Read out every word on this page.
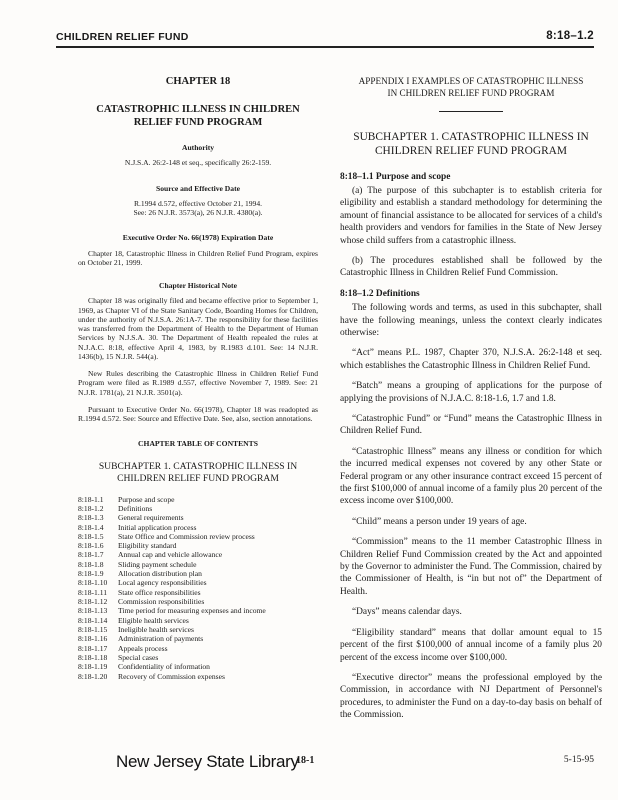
CHILDREN RELIEF FUND	8:18–1.2
CHAPTER 18
CATASTROPHIC ILLNESS IN CHILDREN
RELIEF FUND PROGRAM
Authority

N.J.S.A. 26:2-148 et seq., specifically 26:2-159.

Source and Effective Date

R.1994 d.572, effective October 21, 1994.

See: 26 N.J.R. 3573(a), 26 N.J.R. 4380(a).

Executive Order No. 66(1978) Expiration Date

Chapter 18, Catastrophic Illness in Children Relief Fund Program, expires on October 21, 1999.

Chapter Historical Note

Chapter 18 was originally filed and became effective prior to September 1, 1969, as Chapter VI of the State Sanitary Code, Boarding Homes for Children, under the authority of N.J.S.A. 26:1A-7. The responsibility for these facilities was transferred from the Department of Health to the Department of Human Services by N.J.S.A. 30. The Department of Health repealed the rules at N.J.A.C. 8:18, effective April 4, 1983, by R.1983 d.101. See: 14 N.J.R. 1436(b), 15 N.J.R. 544(a).

New Rules describing the Catastrophic Illness in Children Relief Fund Program were filed as R.1989 d.557, effective November 7, 1989. See: 21 N.J.R. 1781(a), 21 N.J.R. 3501(a).

Pursuant to Executive Order No. 66(1978), Chapter 18 was readopted as R.1994 d.572. See: Source and Effective Date. See, also, section annotations.

CHAPTER TABLE OF CONTENTS
SUBCHAPTER 1. CATASTROPHIC ILLNESS IN
CHILDREN RELIEF FUND PROGRAM
8:18-1.1	Purpose and scope
8:18-1.2	Definitions
8:18-1.3	General requirements
8:18-1.4	Initial application process
8:18-1.5	State Office and Commission review process
8:18-1.6	Eligibility standard
8:18-1.7	Annual cap and vehicle allowance
8:18-1.8	Sliding payment schedule
8:18-1.9	Allocation distribution plan
8:18-1.10	Local agency responsibilities
8:18-1.11	State office responsibilities
8:18-1.12	Commission responsibilities
8:18-1.13	Time period for measuring expenses and income
8:18-1.14	Eligible health services
8:18-1.15	Ineligible health services
8:18-1.16	Administration of payments
8:18-1.17	Appeals process
8:18-1.18	Special cases
8:18-1.19	Confidentiality of information
8:18-1.20	Recovery of Commission expenses
APPENDIX I EXAMPLES OF CATASTROPHIC ILLNESS
IN CHILDREN RELIEF FUND PROGRAM
SUBCHAPTER 1. CATASTROPHIC ILLNESS IN
CHILDREN RELIEF FUND PROGRAM
8:18–1.1 Purpose and scope

(a) The purpose of this subchapter is to establish criteria for eligibility and establish a standard methodology for determining the amount of financial assistance to be allocated for services of a child's health providers and vendors for families in the State of New Jersey whose child suffers from a catastrophic illness.

(b) The procedures established shall be followed by the Catastrophic Illness in Children Relief Fund Commission.

8:18–1.2 Definitions

The following words and terms, as used in this subchapter, shall have the following meanings, unless the context clearly indicates otherwise:

“Act” means P.L. 1987, Chapter 370, N.J.S.A. 26:2-148 et seq. which establishes the Catastrophic Illness in Children Relief Fund.

“Batch” means a grouping of applications for the purpose of applying the provisions of N.J.A.C. 8:18-1.6, 1.7 and 1.8.

“Catastrophic Fund” or “Fund” means the Catastrophic Illness in Children Relief Fund.

“Catastrophic Illness” means any illness or condition for which the incurred medical expenses not covered by any other State or Federal program or any other insurance contract exceed 15 percent of the first $100,000 of annual income of a family plus 20 percent of the excess income over $100,000.

“Child” means a person under 19 years of age.

“Commission” means to the 11 member Catastrophic Illness in Children Relief Fund Commission created by the Act and appointed by the Governor to administer the Fund. The Commission, chaired by the Commissioner of Health, is “in but not of” the Department of Health.

“Days” means calendar days.

“Eligibility standard” means that dollar amount equal to 15 percent of the first $100,000 of annual income of a family plus 20 percent of the excess income over $100,000.

“Executive director” means the professional employed by the Commission, in accordance with NJ Department of Personnel's procedures, to administer the Fund on a day-to-day basis on behalf of the Commission.

New Jersey State Library
18-1	5-15-95
